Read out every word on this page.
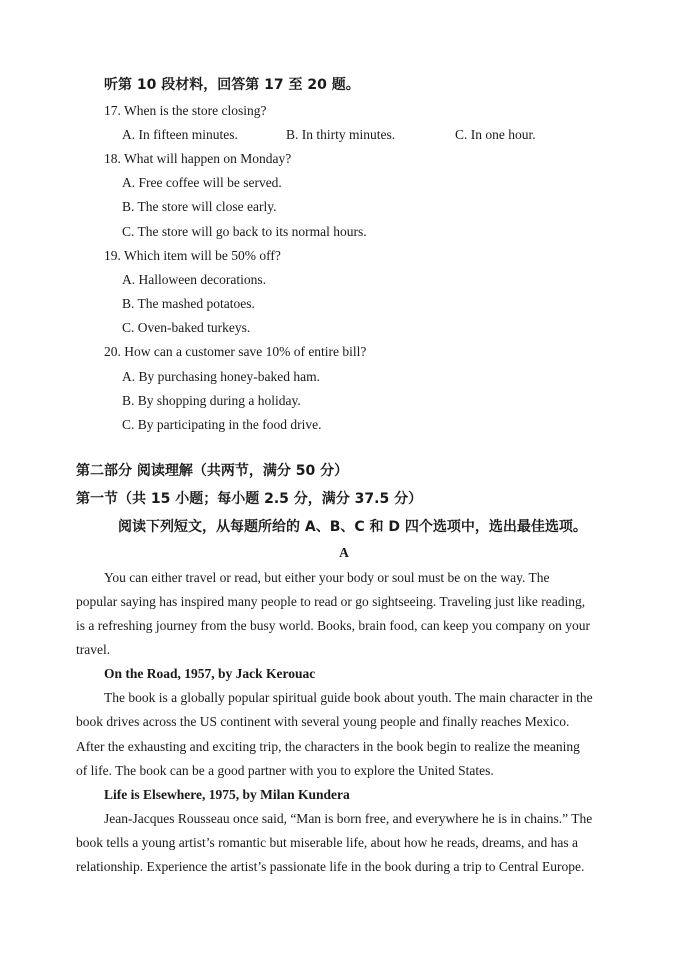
听第 10 段材料，回答第 17 至 20 题。
17. When is the store closing?
A. In fifteen minutes.	B. In thirty minutes.	C. In one hour.
18. What will happen on Monday?
A. Free coffee will be served.
B. The store will close early.
C. The store will go back to its normal hours.
19. Which item will be 50% off?
A. Halloween decorations.
B. The mashed potatoes.
C. Oven-baked turkeys.
20. How can a customer save 10% of entire bill?
A. By purchasing honey-baked ham.
B. By shopping during a holiday.
C. By participating in the food drive.
第二部分 阅读理解（共两节，满分 50 分）
第一节（共 15 小题；每小题 2.5 分，满分 37.5 分）
阅读下列短文，从每题所给的 A、B、C 和 D 四个选项中，选出最佳选项。
A
You can either travel or read, but either your body or soul must be on the way. The
popular saying has inspired many people to read or go sightseeing. Traveling just like reading,
is a refreshing journey from the busy world. Books, brain food, can keep you company on your
travel.
On the Road, 1957, by Jack Kerouac
The book is a globally popular spiritual guide book about youth. The main character in the
book drives across the US continent with several young people and finally reaches Mexico.
After the exhausting and exciting trip, the characters in the book begin to realize the meaning
of life. The book can be a good partner with you to explore the United States.
Life is Elsewhere, 1975, by Milan Kundera
Jean-Jacques Rousseau once said, “Man is born free, and everywhere he is in chains.” The
book tells a young artist’s romantic but miserable life, about how he reads, dreams, and has a
relationship. Experience the artist’s passionate life in the book during a trip to Central Europe.
